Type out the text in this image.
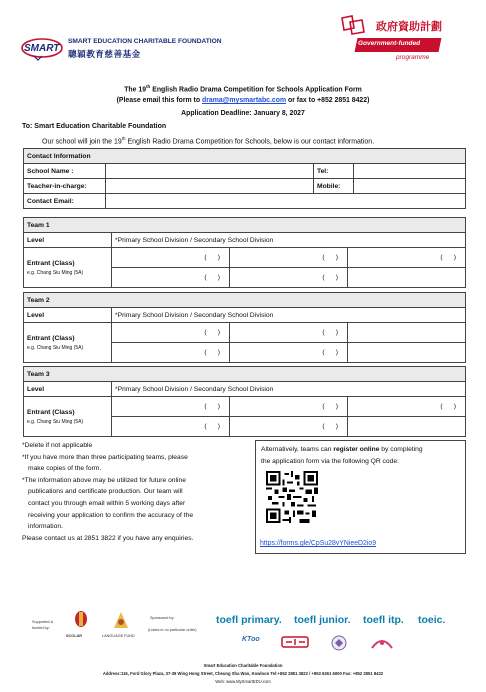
SMART
SMART EDUCATION CHARITABLE FOUNDATION
聰穎教育慈善基金
政府資助計劃
Government-funded
programme
The 19th English Radio Drama Competition for Schools Application Form
(Please email this form to drama@mysmartabc.com or fax to +852 2851 8422)
Application Deadline: January 8, 2027
To: Smart Education Charitable Foundation
Our school will join the 19th English Radio Drama Competition for Schools, below is our contact information.
Contact Information			
School Name :		Tel:	
Teacher-in-charge:		Mobile:	
Contact Email:			
Team 1			
Level	*Primary School Division / Secondary School Division		
Entrant (Class)
e.g. Chang Siu Ming (5A)	( )	( )	( )

	( )	( )	

Team 2			
Level	*Primary School Division / Secondary School Division		
Entrant (Class)
e.g. Chang Siu Ming (5A)	( )	( )	

	( )	( )	

Team 3			
Level	*Primary School Division / Secondary School Division		
Entrant (Class)
e.g. Chang Siu Ming (5A)	( )	( )	( )

	( )	( )	

*Delete if not applicable

*If you have more than three participating teams, please

make copies of the form.

*The information above may be utilized for future online

publications and certificate production. Our team will

contact you through email within 5 working days after

receiving your application to confirm the accuracy of the

information.

Please contact us at 2851 3822 if you have any enquiries.

Alternatively, teams can register online by completing
the application form via the following QR code:
https://forms.gle/CpSu28vYNieeD2io9
Supported &
funded by:
SCOLAR	LANGUAGE FUND
Sponsored by:
(Listed in no particular order)
toefl primary. toefl junior. toefl itp. toeic.
KToo
Smart Education Charitable Foundation
Address:116, Ford Glory Plaza, 37-39 Wing Hong Street, Cheung Sha Wan, Kowloon Tel:+852 2851 3822 / +853 6261 6000 Fax: +852 2851 8422
Web: www.MySmartEDU.com
